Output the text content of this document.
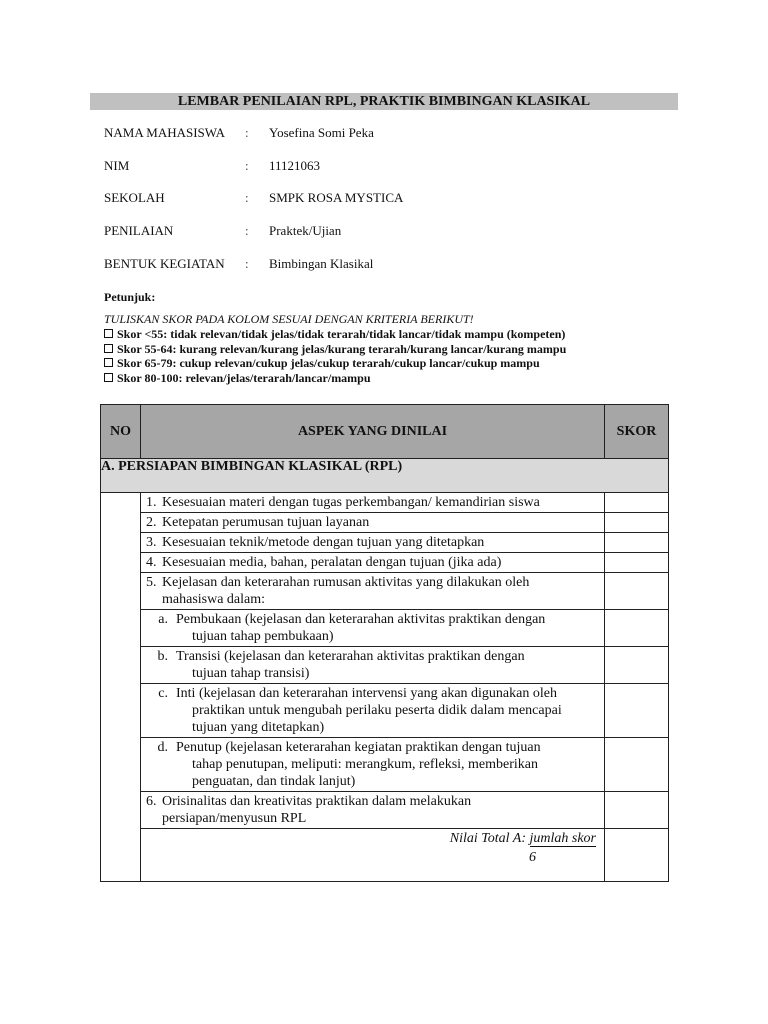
LEMBAR PENILAIAN RPL, PRAKTIK BIMBINGAN KLASIKAL
NAMA MAHASISWA	: Yosefina Somi Peka
NIM	: 11121063
SEKOLAH	: SMPK ROSA MYSTICA
PENILAIAN	: Praktek/Ujian
BENTUK KEGIATAN	: Bimbingan Klasikal
Petunjuk:
TULISKAN SKOR PADA KOLOM SESUAI DENGAN KRITERIA BERIKUT!
Skor <55: tidak relevan/tidak jelas/tidak terarah/tidak lancar/tidak mampu (kompeten)
Skor 55-64: kurang relevan/kurang jelas/kurang terarah/kurang lancar/kurang mampu
Skor 65-79: cukup relevan/cukup jelas/cukup terarah/cukup lancar/cukup mampu
Skor 80-100: relevan/jelas/terarah/lancar/mampu
NO	ASPEK YANG DINILAI	SKOR
A. PERSIAPAN BIMBINGAN KLASIKAL (RPL)		
	1. Kesesuaian materi dengan tugas perkembangan/ kemandirian siswa	
	2. Ketepatan perumusan tujuan layanan	
	3. Kesesuaian teknik/metode dengan tujuan yang ditetapkan	
	4. Kesesuaian media, bahan, peralatan dengan tujuan (jika ada)	
	5. Kejelasan dan keterarahan rumusan aktivitas yang dilakukan oleh
mahasiswa dalam:	

	a. Pembukaan (kejelasan dan keterarahan aktivitas praktikan dengan
tujuan tahap pembukaan)	

	b. Transisi (kejelasan dan keterarahan aktivitas praktikan dengan
tujuan tahap transisi)	

	c. Inti (kejelasan dan keterarahan intervensi yang akan digunakan oleh
praktikan untuk mengubah perilaku peserta didik dalam mencapai
tujuan yang ditetapkan)	

	d. Penutup (kejelasan keterarahan kegiatan praktikan dengan tujuan
tahap penutupan, meliputi: merangkum, refleksi, memberikan
penguatan, dan tindak lanjut)	

	6. Orisinalitas dan kreativitas praktikan dalam melakukan
persiapan/menyusun RPL	

	Nilai Total A: jumlah skor
6	
